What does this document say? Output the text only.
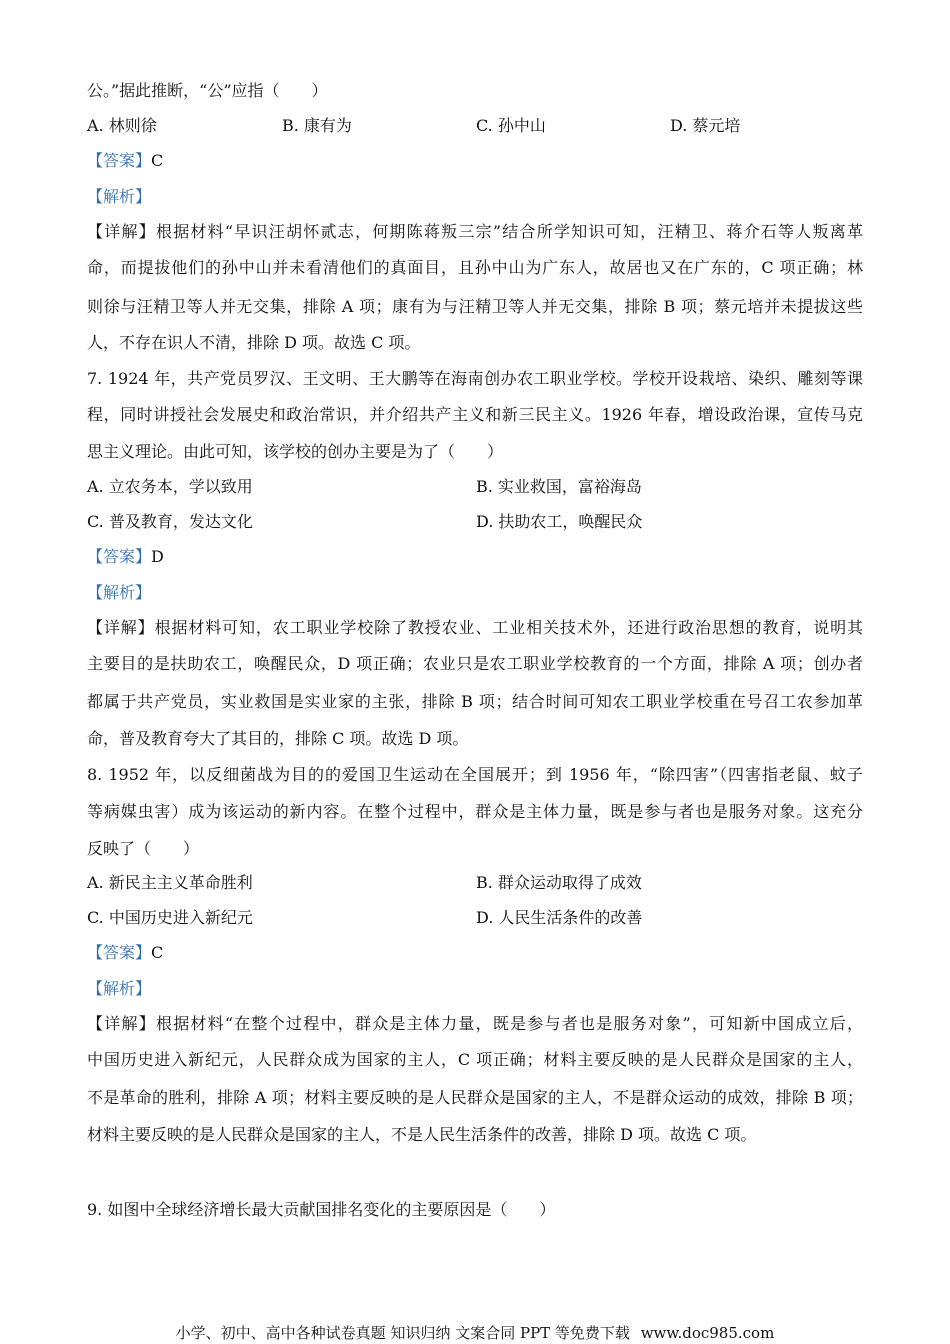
公。”据此推断，“公”应指（　　）
A. 林则徐	B. 康有为	C. 孙中山	D. 蔡元培
【答案】C
【解析】
【详解】根据材料“早识汪胡怀贰志，何期陈蒋叛三宗”结合所学知识可知，汪精卫、蒋介石等人叛离革
命，而提拔他们的孙中山并未看清他们的真面目，且孙中山为广东人，故居也又在广东的，C 项正确；林
则徐与汪精卫等人并无交集，排除 A 项；康有为与汪精卫等人并无交集，排除 B 项；蔡元培并未提拔这些
人，不存在识人不清，排除 D 项。故选 C 项。
7. 1924 年，共产党员罗汉、王文明、王大鹏等在海南创办农工职业学校。学校开设栽培、染织、雕刻等课
程，同时讲授社会发展史和政治常识，并介绍共产主义和新三民主义。1926 年春，增设政治课，宣传马克
思主义理论。由此可知，该学校的创办主要是为了（　　）
A. 立农务本，学以致用	B. 实业救国，富裕海岛
C. 普及教育，发达文化	D. 扶助农工，唤醒民众
【答案】D
【解析】
【详解】根据材料可知，农工职业学校除了教授农业、工业相关技术外，还进行政治思想的教育，说明其
主要目的是扶助农工，唤醒民众，D 项正确；农业只是农工职业学校教育的一个方面，排除 A 项；创办者
都属于共产党员，实业救国是实业家的主张，排除 B 项；结合时间可知农工职业学校重在号召工农参加革
命，普及教育夸大了其目的，排除 C 项。故选 D 项。
8. 1952 年，以反细菌战为目的的爱国卫生运动在全国展开；到 1956 年，“除四害”（四害指老鼠、蚊子
等病媒虫害）成为该运动的新内容。在整个过程中，群众是主体力量，既是参与者也是服务对象。这充分
反映了（　　）
A. 新民主主义革命胜利	B. 群众运动取得了成效
C. 中国历史进入新纪元	D. 人民生活条件的改善
【答案】C
【解析】
【详解】根据材料“在整个过程中，群众是主体力量，既是参与者也是服务对象”，可知新中国成立后，
中国历史进入新纪元，人民群众成为国家的主人，C 项正确；材料主要反映的是人民群众是国家的主人，
不是革命的胜利，排除 A 项；材料主要反映的是人民群众是国家的主人，不是群众运动的成效，排除 B 项；
材料主要反映的是人民群众是国家的主人，不是人民生活条件的改善，排除 D 项。故选 C 项。
9. 如图中全球经济增长最大贡献国排名变化的主要原因是（　　）
小学、初中、高中各种试卷真题 知识归纳 文案合同 PPT 等免费下载 www.doc985.com
